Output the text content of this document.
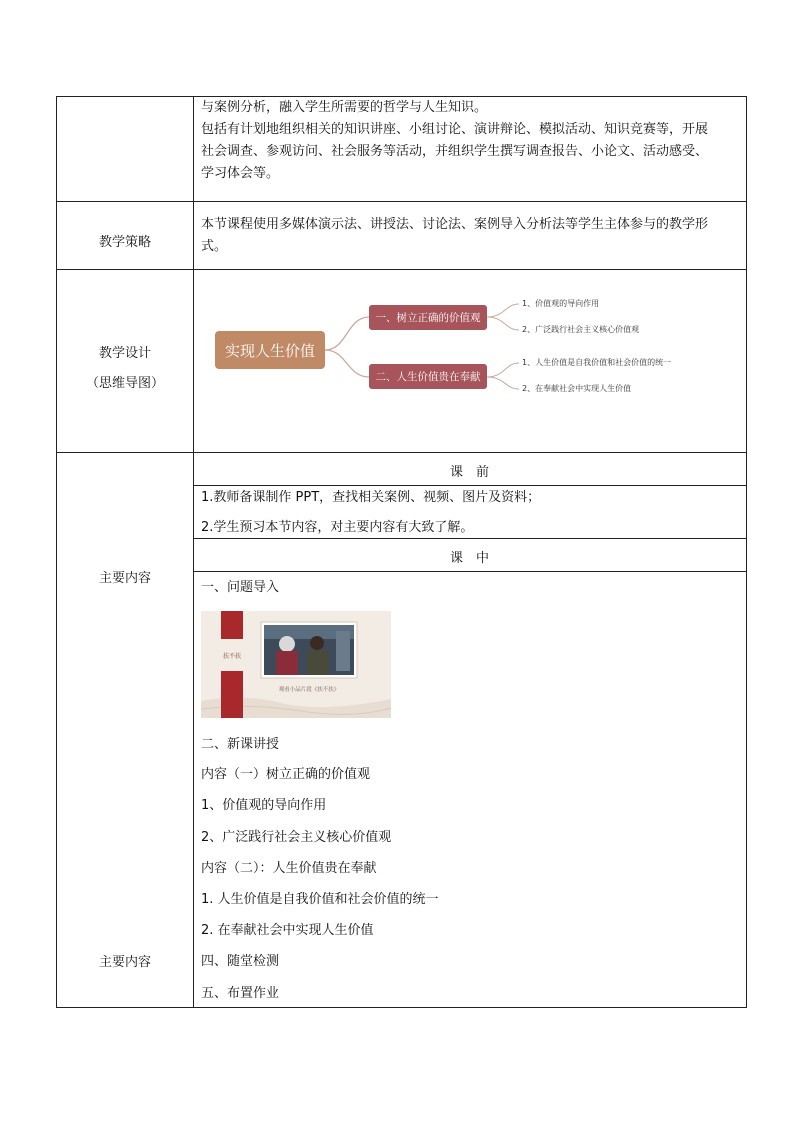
与案例分析，融入学生所需要的哲学与人生知识。
包括有计划地组织相关的知识讲座、小组讨论、演讲辩论、模拟活动、知识竞赛等，开展
社会调查、参观访问、社会服务等活动，并组织学生撰写调查报告、小论文、活动感受、
学习体会等。
教学策略
本节课程使用多媒体演示法、讲授法、讨论法、案例导入分析法等学生主体参与的教学形
式。
教学设计
（思维导图）
实现人生价值
一、树立正确的价值观
二、人生价值贵在奉献
1、价值观的导向作用
2、广泛践行社会主义核心价值观
1、人生价值是自我价值和社会价值的统一
2、在奉献社会中实现人生价值
主要内容
主要内容
课　前
1.教师备课制作 PPT，查找相关案例、视频、图片及资料；
2.学生预习本节内容，对主要内容有大致了解。
课　中
一、问题导入
扶不扶
观看小品片段《扶不扶》
二、新课讲授
内容（一）树立正确的价值观
1、价值观的导向作用
2、广泛践行社会主义核心价值观
内容（二）：人生价值贵在奉献
1. 人生价值是自我价值和社会价值的统一
2. 在奉献社会中实现人生价值
四、随堂检测
五、布置作业
